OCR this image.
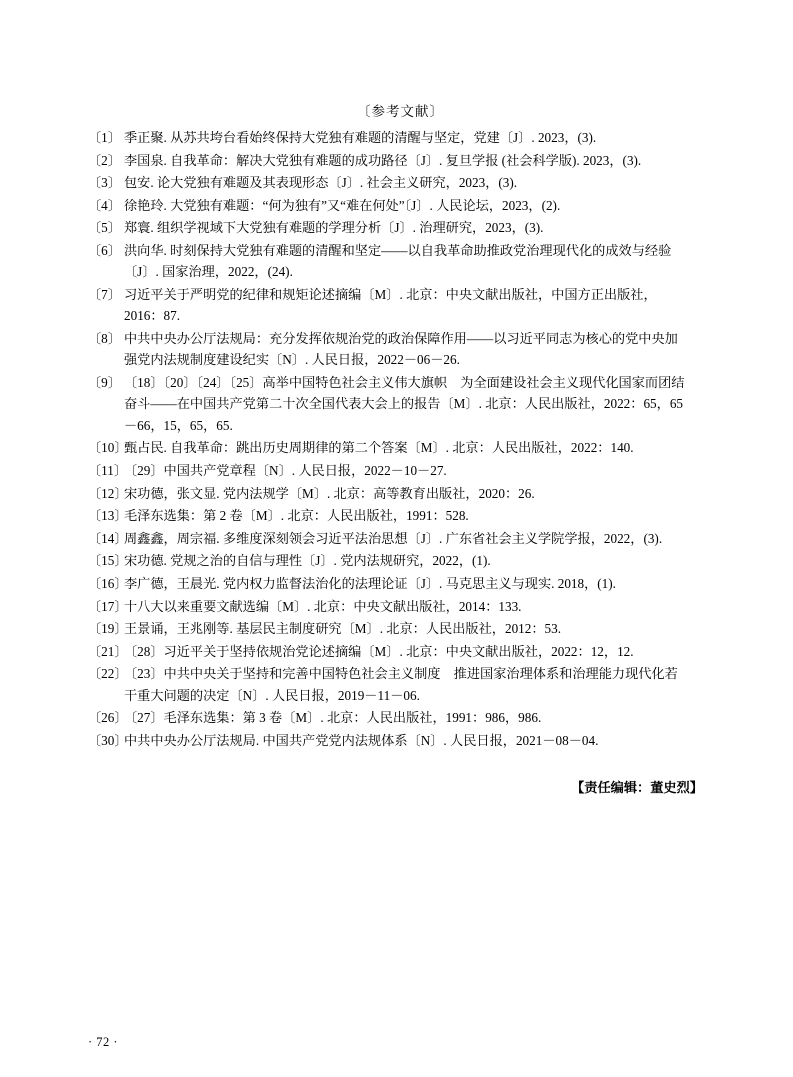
〔参考文献〕
〔1〕 季正聚. 从苏共垮台看始终保持大党独有难题的清醒与坚定，党建〔J〕. 2023，(3).
〔2〕 李国泉. 自我革命：解决大党独有难题的成功路径〔J〕. 复旦学报 (社会科学版). 2023，(3).
〔3〕 包安. 论大党独有难题及其表现形态〔J〕. 社会主义研究，2023，(3).
〔4〕 徐艳玲. 大党独有难题：“何为独有”又“难在何处”〔J〕. 人民论坛，2023，(2).
〔5〕 郑寰. 组织学视域下大党独有难题的学理分析〔J〕. 治理研究，2023，(3).
〔6〕 洪向华. 时刻保持大党独有难题的清醒和坚定——以自我革命助推政党治理现代化的成效与经验
〔J〕. 国家治理，2022，(24).
〔7〕 习近平关于严明党的纪律和规矩论述摘编〔M〕. 北京：中央文献出版社，中国方正出版社，
2016：87.
〔8〕 中共中央办公厅法规局：充分发挥依规治党的政治保障作用——以习近平同志为核心的党中央加
强党内法规制度建设纪实〔N〕. 人民日报，2022－06－26.
〔9〕 〔18〕〔20〕〔24〕〔25〕高举中国特色社会主义伟大旗帜　为全面建设社会主义现代化国家而团结
奋斗——在中国共产党第二十次全国代表大会上的报告〔M〕. 北京：人民出版社，2022：65，65
－66，15，65，65.
〔10〕
甄占民. 自我革命：跳出历史周期律的第二个答案〔M〕. 北京：人民出版社，2022：140.
〔11〕
〔29〕中国共产党章程〔N〕. 人民日报，2022－10－27.
〔12〕
宋功德，张文显. 党内法规学〔M〕. 北京：高等教育出版社，2020：26.
〔13〕
毛泽东选集：第 2 卷〔M〕. 北京：人民出版社，1991：528.
〔14〕
周鑫鑫，周宗福. 多维度深刻领会习近平法治思想〔J〕. 广东省社会主义学院学报，2022，(3).
〔15〕
宋功德. 党规之治的自信与理性〔J〕. 党内法规研究，2022，(1).
〔16〕
李广德，王晨光. 党内权力监督法治化的法理论证〔J〕. 马克思主义与现实. 2018，(1).
〔17〕
十八大以来重要文献选编〔M〕. 北京：中央文献出版社，2014：133.
〔19〕
王景诵，王兆刚等. 基层民主制度研究〔M〕. 北京：人民出版社，2012：53.
〔21〕
〔28〕习近平关于坚持依规治党论述摘编〔M〕. 北京：中央文献出版社，2022：12，12.
〔22〕
〔23〕中共中央关于坚持和完善中国特色社会主义制度　推进国家治理体系和治理能力现代化若
干重大问题的决定〔N〕. 人民日报，2019－11－06.
〔26〕
〔27〕毛泽东选集：第 3 卷〔M〕. 北京：人民出版社，1991：986，986.
〔30〕
中共中央办公厅法规局. 中国共产党党内法规体系〔N〕. 人民日报，2021－08－04.
【责任编辑：董史烈】
· 72 ·
